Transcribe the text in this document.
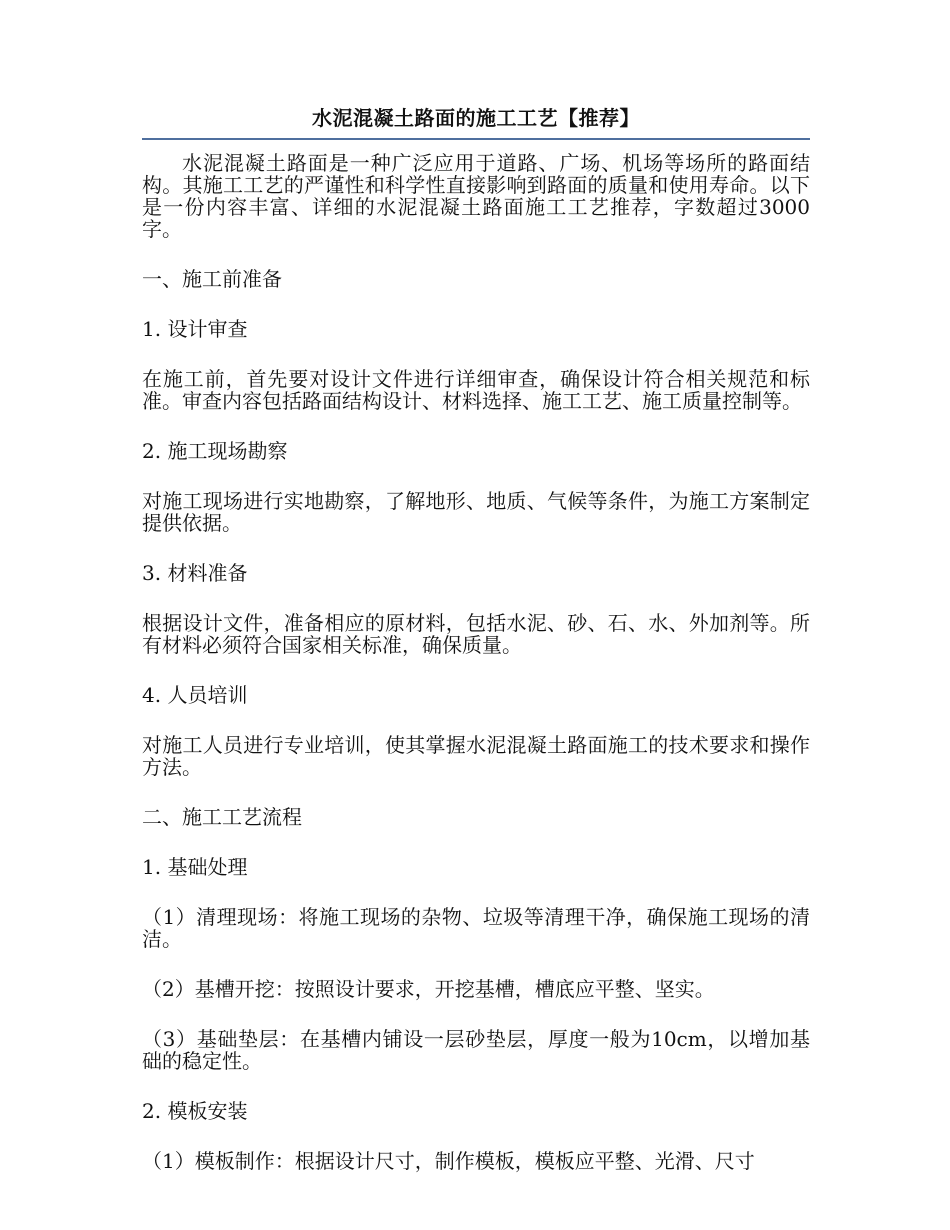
水泥混凝土路面的施工工艺【推荐】

水泥混凝土路面是一种广泛应用于道路、广场、机场等场所的路面结构。其施工工艺的严谨性和科学性直接影响到路面的质量和使用寿命。以下是一份内容丰富、详细的水泥混凝土路面施工工艺推荐，字数超过3000字。

一、施工前准备

1. 设计审查

在施工前，首先要对设计文件进行详细审查，确保设计符合相关规范和标准。审查内容包括路面结构设计、材料选择、施工工艺、施工质量控制等。

2. 施工现场勘察

对施工现场进行实地勘察，了解地形、地质、气候等条件，为施工方案制定提供依据。

3. 材料准备

根据设计文件，准备相应的原材料，包括水泥、砂、石、水、外加剂等。所有材料必须符合国家相关标准，确保质量。

4. 人员培训

对施工人员进行专业培训，使其掌握水泥混凝土路面施工的技术要求和操作方法。

二、施工工艺流程

1. 基础处理

（1）清理现场：将施工现场的杂物、垃圾等清理干净，确保施工现场的清洁。

（2）基槽开挖：按照设计要求，开挖基槽，槽底应平整、坚实。

（3）基础垫层：在基槽内铺设一层砂垫层，厚度一般为10cm，以增加基础的稳定性。

2. 模板安装

（1）模板制作：根据设计尺寸，制作模板，模板应平整、光滑、尺寸
